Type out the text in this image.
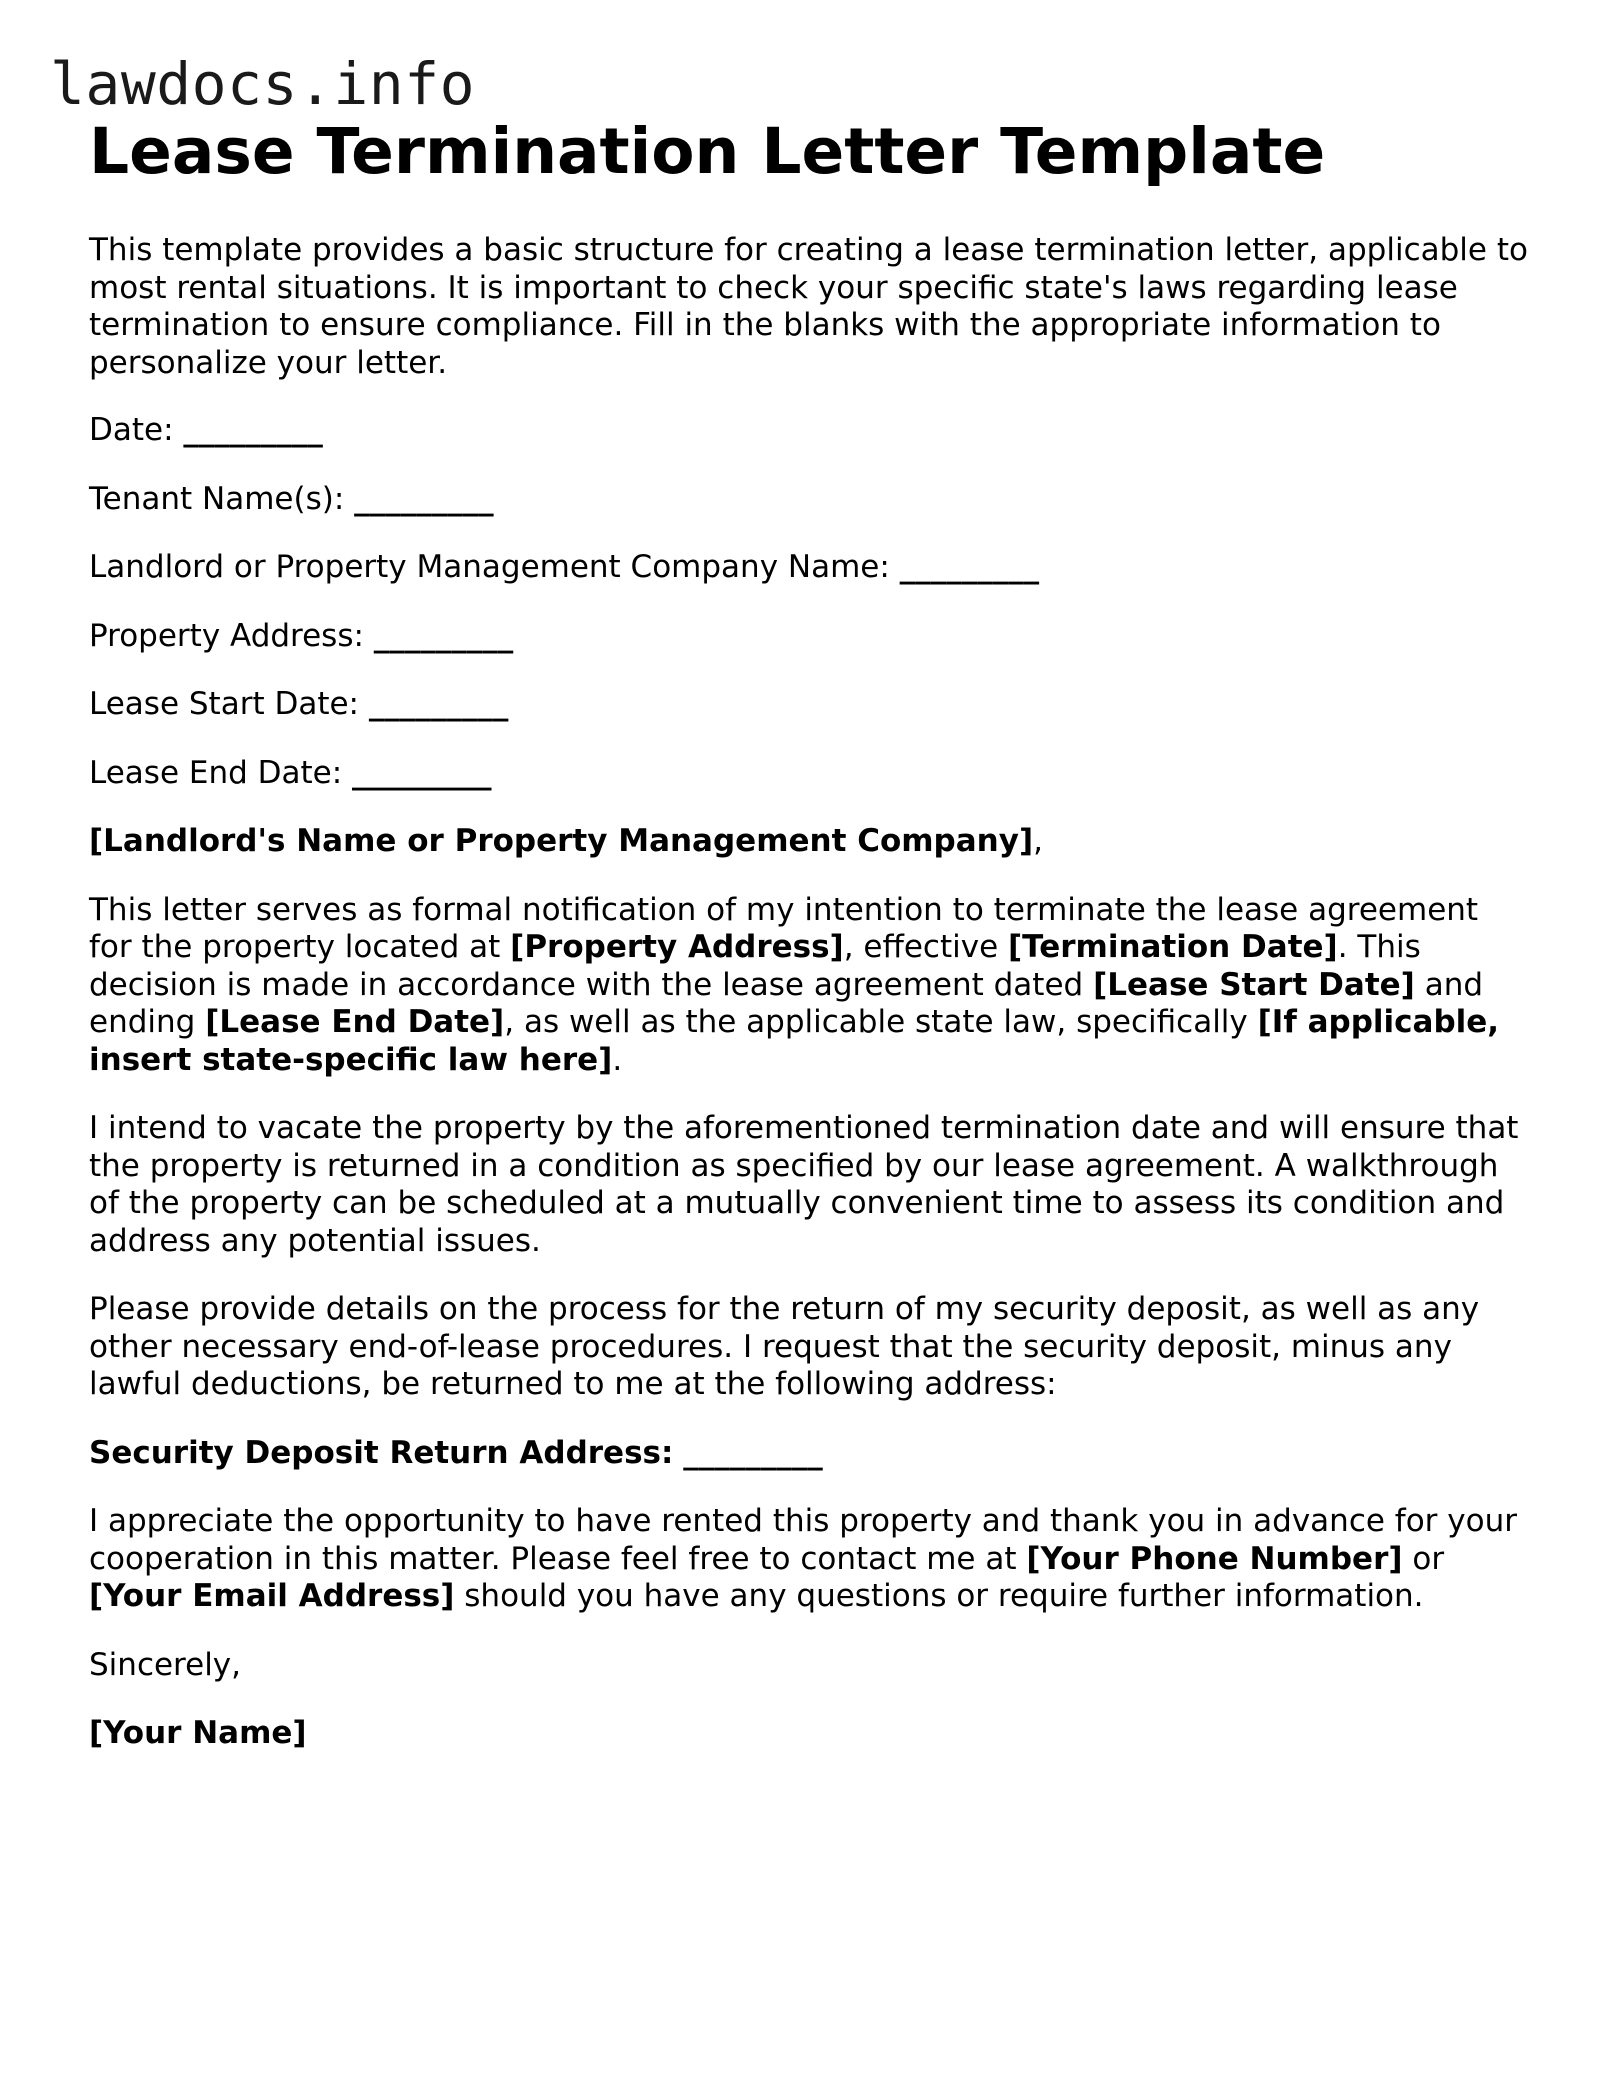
lawdocs.info
Lease Termination Letter Template

This template provides a basic structure for creating a lease termination letter, applicable to most rental situations. It is important to check your specific state's laws regarding lease termination to ensure compliance. Fill in the blanks with the appropriate information to personalize your letter.

Date: _________

Tenant Name(s): _________

Landlord or Property Management Company Name: _________

Property Address: _________

Lease Start Date: _________

Lease End Date: _________

[Landlord's Name or Property Management Company],

This letter serves as formal notification of my intention to terminate the lease agreement for the property located at [Property Address], effective [Termination Date]. This decision is made in accordance with the lease agreement dated [Lease Start Date] and ending [Lease End Date], as well as the applicable state law, specifically [If applicable, insert state-specific law here].

I intend to vacate the property by the aforementioned termination date and will ensure that the property is returned in a condition as specified by our lease agreement. A walkthrough of the property can be scheduled at a mutually convenient time to assess its condition and address any potential issues.

Please provide details on the process for the return of my security deposit, as well as any other necessary end-of-lease procedures. I request that the security deposit, minus any lawful deductions, be returned to me at the following address:

Security Deposit Return Address: _________

I appreciate the opportunity to have rented this property and thank you in advance for your cooperation in this matter. Please feel free to contact me at [Your Phone Number] or [Your Email Address] should you have any questions or require further information.

Sincerely,

[Your Name]
